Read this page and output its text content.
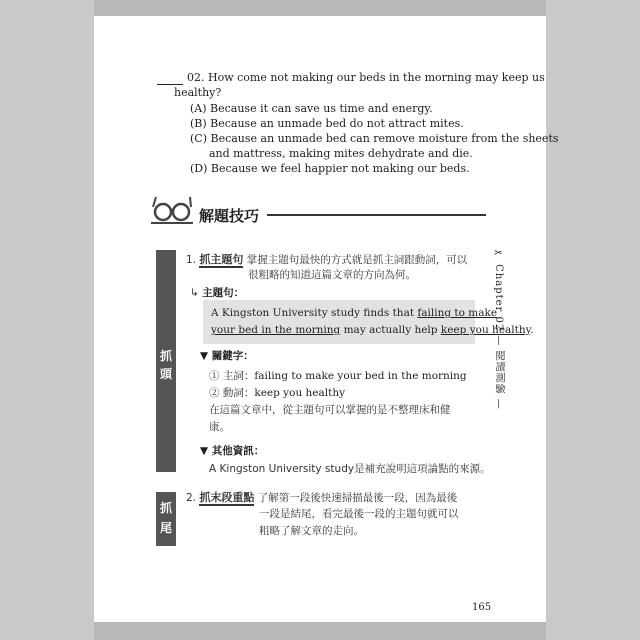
02. How come not making our beds in the morning may keep us
healthy?
(A) Because it can save us time and energy.
(B) Because an unmade bed do not attract mites.
(C) Because an unmade bed can remove moisture from the sheets
and mattress, making mites dehydrate and die.
(D) Because we feel happier not making our beds.
解題技巧
抓
頭
抓
尾
1. 抓主題句 掌握主題句最快的方式就是抓主詞跟動詞，可以
很粗略的知道這篇文章的方向為何。
↳ 主題句：
A Kingston University study finds that failing to make
your bed in the morning may actually help keep you healthy.
▼ 關鍵字：
① 主詞：failing to make your bed in the morning
② 動詞：keep you healthy
在這篇文章中，從主題句可以掌握的是不整理床和健
康。
▼ 其他資訊：
A Kingston University study是補充說明這項論點的來源。
2. 抓末段重點 了解第一段後快速掃描最後一段，因為最後
一段是結尾，看完最後一段的主題句就可以
粗略了解文章的走向。
✂ Chapter 02 — 閱讀測驗 —
165
